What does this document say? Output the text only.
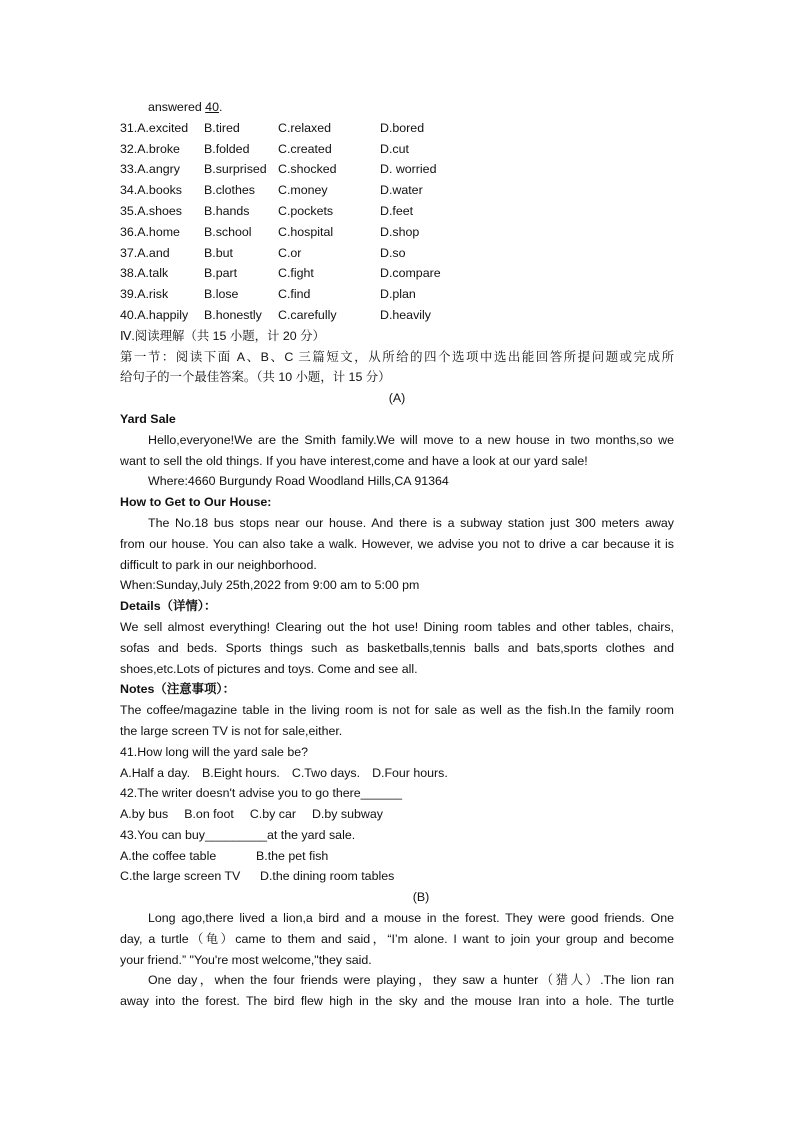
answered 40.
31.A.excited	B.tired	C.relaxed	D.bored
32.A.broke	B.folded	C.created	D.cut
33.A.angry	B.surprised C.shocked	D. worried
34.A.books	B.clothes	C.money	D.water
35.A.shoes	B.hands	C.pockets	D.feet
36.A.home	B.school	C.hospital	D.shop
37.A.and	B.but	C.or	D.so
38.A.talk	B.part	C.fight	D.compare
39.A.risk	B.lose	C.find	D.plan
40.A.happily	B.honestly	C.carefully	D.heavily
Ⅳ.阅读理解（共 15 小题，计 20 分）
第一节：阅读下面 A、B、C 三篇短文，从所给的四个选项中选出能回答所提问题或完成所
给句子的一个最佳答案。（共 10 小题，计 15 分）
(A)
Yard Sale
Hello,everyone!We are the Smith family.We will move to a new house in two months,so we
want to sell the old things. If you have interest,come and have a look at our yard sale!
Where:4660 Burgundy Road Woodland Hills,CA 91364
How to Get to Our House:
The No.18 bus stops near our house. And there is a subway station just 300 meters away
from our house. You can also take a walk. However, we advise you not to drive a car because it is
difficult to park in our neighborhood.
When:Sunday,July 25th,2022 from 9:00 am to 5:00 pm
Details（详情）：
We sell almost everything! Clearing out the hot use! Dining room tables and other tables, chairs,
sofas and beds. Sports things such as basketballs,tennis balls and bats,sports clothes and
shoes,etc.Lots of pictures and toys. Come and see all.
Notes（注意事项）：
The coffee/magazine table in the living room is not for sale as well as the fish.In the family room
the large screen TV is not for sale,either.
41.How long will the yard sale be?
A.Half a day. B.Eight hours. C.Two days. D.Four hours.
42.The writer doesn't advise you to go there______
A.by bus B.on foot C.by car D.by subway
43.You can buy_________at the yard sale.
A.the coffee table	B.the pet fish
C.the large screen TV D.the dining room tables
(B)
Long ago,there lived a lion,a bird and a mouse in the forest. They were good friends. One
day, a turtle（龟）came to them and said，“I’m alone. I want to join your group and become
your friend.” "You're most welcome,"they said.
One day，when the four friends were playing，they saw a hunter（猎人）.The lion ran
away into the forest. The bird flew high in the sky and the mouse Iran into a hole. The turtle
